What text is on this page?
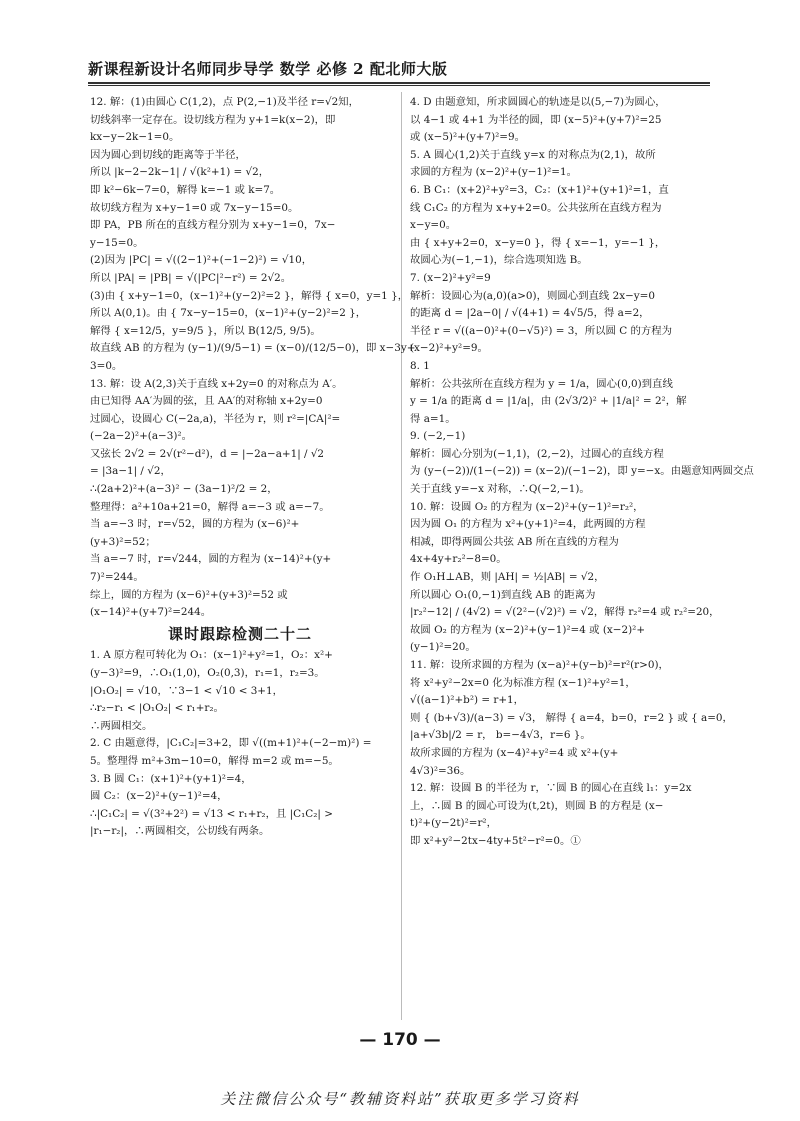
新课程新设计名师同步导学 数学 必修 2 配北师大版
12. 解：(1)由圆心 C(1,2)，点 P(2,−1)及半径 r=√2知，
切线斜率一定存在。设切线方程为 y+1=k(x−2)，即
kx−y−2k−1=0。
因为圆心到切线的距离等于半径，
所以 |k−2−2k−1| / √(k²+1) = √2，
即 k²−6k−7=0，解得 k=−1 或 k=7。
故切线方程为 x+y−1=0 或 7x−y−15=0。
即 PA，PB 所在的直线方程分别为 x+y−1=0，7x−
y−15=0。
(2)因为 |PC| = √((2−1)²+(−1−2)²) = √10，
所以 |PA| = |PB| = √(|PC|²−r²) = 2√2。
(3)由 { x+y−1=0，(x−1)²+(y−2)²=2 }，解得 { x=0，y=1 }，
所以 A(0,1)。由 { 7x−y−15=0，(x−1)²+(y−2)²=2 }，
解得 { x=12/5，y=9/5 }，所以 B(12/5, 9/5)。
故直线 AB 的方程为 (y−1)/(9/5−1) = (x−0)/(12/5−0)，即 x−3y+
3=0。
13. 解：设 A(2,3)关于直线 x+2y=0 的对称点为 A′。
由已知得 AA′为圆的弦，且 AA′的对称轴 x+2y=0
过圆心，设圆心 C(−2a,a)，半径为 r，则 r²=|CA|²=
(−2a−2)²+(a−3)²。
又弦长 2√2 = 2√(r²−d²)，d = |−2a−a+1| / √2
= |3a−1| / √2，
∴(2a+2)²+(a−3)² − (3a−1)²/2 = 2，
整理得：a²+10a+21=0，解得 a=−3 或 a=−7。
当 a=−3 时，r=√52，圆的方程为 (x−6)²+
(y+3)²=52；
当 a=−7 时，r=√244，圆的方程为 (x−14)²+(y+
7)²=244。
综上，圆的方程为 (x−6)²+(y+3)²=52 或
(x−14)²+(y+7)²=244。
课时跟踪检测二十二
1. A 原方程可转化为 O₁：(x−1)²+y²=1，O₂：x²+
(y−3)²=9，∴O₁(1,0)，O₂(0,3)，r₁=1，r₂=3。
|O₁O₂| = √10，∵3−1 < √10 < 3+1，
∴r₂−r₁ < |O₁O₂| < r₁+r₂。
∴两圆相交。
2. C 由题意得，|C₁C₂|=3+2，即 √((m+1)²+(−2−m)²) =
5。整理得 m²+3m−10=0，解得 m=2 或 m=−5。
3. B 圆 C₁：(x+1)²+(y+1)²=4，
圆 C₂：(x−2)²+(y−1)²=4，
∴|C₁C₂| = √(3²+2²) = √13 < r₁+r₂，且 |C₁C₂| >
|r₁−r₂|，∴两圆相交，公切线有两条。
4. D 由题意知，所求圆圆心的轨迹是以(5,−7)为圆心，
以 4−1 或 4+1 为半径的圆，即 (x−5)²+(y+7)²=25
或 (x−5)²+(y+7)²=9。
5. A 圆心(1,2)关于直线 y=x 的对称点为(2,1)，故所
求圆的方程为 (x−2)²+(y−1)²=1。
6. B C₁：(x+2)²+y²=3，C₂：(x+1)²+(y+1)²=1，直
线 C₁C₂ 的方程为 x+y+2=0。公共弦所在直线方程为
x−y=0。
由 { x+y+2=0，x−y=0 }，得 { x=−1，y=−1 }，
故圆心为(−1,−1)，综合选项知选 B。
7. (x−2)²+y²=9
解析：设圆心为(a,0)(a>0)，则圆心到直线 2x−y=0
的距离 d = |2a−0| / √(4+1) = 4√5/5，得 a=2，
半径 r = √((a−0)²+(0−√5)²) = 3，所以圆 C 的方程为
(x−2)²+y²=9。
8. 1
解析：公共弦所在直线方程为 y = 1/a，圆心(0,0)到直线
y = 1/a 的距离 d = |1/a|，由 (2√3/2)² + |1/a|² = 2²，解
得 a=1。
9. (−2,−1)
解析：圆心分别为(−1,1)，(2,−2)，过圆心的直线方程
为 (y−(−2))/(1−(−2)) = (x−2)/(−1−2)，即 y=−x。由题意知两圆交点
关于直线 y=−x 对称，∴Q(−2,−1)。
10. 解：设圆 O₂ 的方程为 (x−2)²+(y−1)²=r₂²，
因为圆 O₁ 的方程为 x²+(y+1)²=4，此两圆的方程
相减，即得两圆公共弦 AB 所在直线的方程为
4x+4y+r₂²−8=0。
作 O₁H⊥AB，则 |AH| = ½|AB| = √2，
所以圆心 O₁(0,−1)到直线 AB 的距离为
|r₂²−12| / (4√2) = √(2²−(√2)²) = √2，解得 r₂²=4 或 r₂²=20，
故圆 O₂ 的方程为 (x−2)²+(y−1)²=4 或 (x−2)²+
(y−1)²=20。
11. 解：设所求圆的方程为 (x−a)²+(y−b)²=r²(r>0)，
将 x²+y²−2x=0 化为标准方程 (x−1)²+y²=1，
√((a−1)²+b²) = r+1，
则 { (b+√3)/(a−3) = √3， 解得 { a=4，b=0，r=2 } 或 { a=0，
|a+√3b|/2 = r， b=−4√3，r=6 }。
故所求圆的方程为 (x−4)²+y²=4 或 x²+(y+
4√3)²=36。
12. 解：设圆 B 的半径为 r，∵圆 B 的圆心在直线 l₁：y=2x
上，∴圆 B 的圆心可设为(t,2t)，则圆 B 的方程是 (x−
t)²+(y−2t)²=r²，
即 x²+y²−2tx−4ty+5t²−r²=0。①
— 170 —
关注微信公众号“教辅资料站”获取更多学习资料
